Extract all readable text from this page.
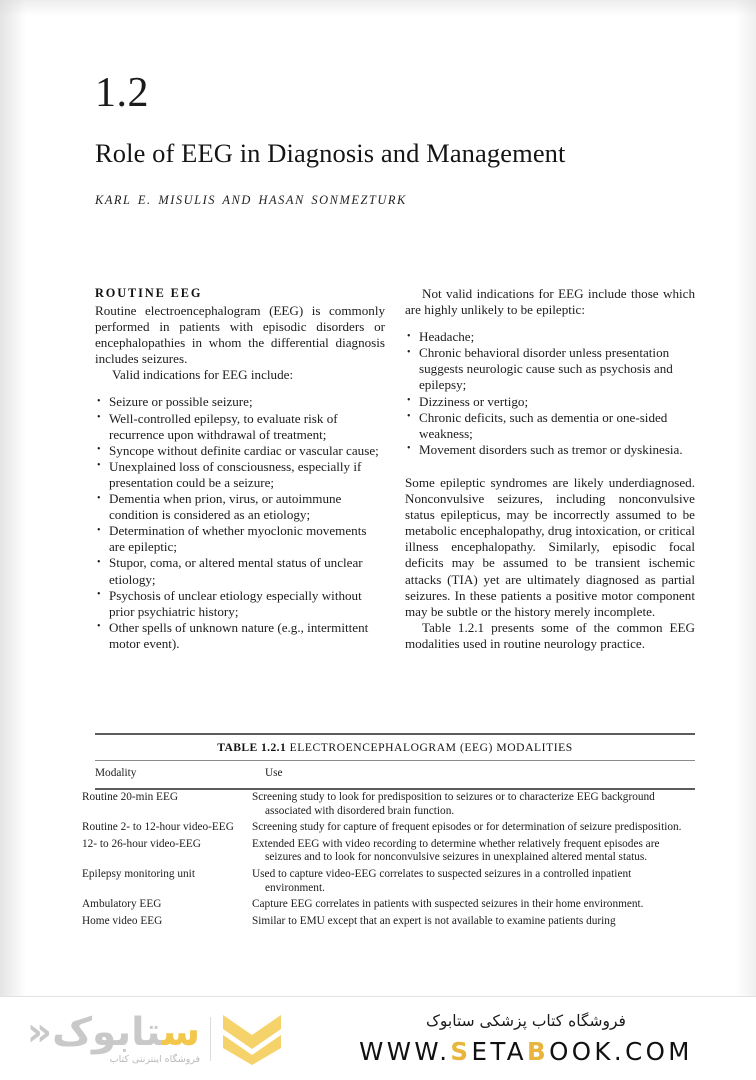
1.2
Role of EEG in Diagnosis and Management
KARL E. MISULIS AND HASAN SONMEZTURK
ROUTINE EEG

Routine electroencephalogram (EEG) is commonly performed in patients with episodic disorders or encephalopathies in whom the differential diagnosis includes seizures.

Valid indications for EEG include:

• Seizure or possible seizure;
• Well-controlled epilepsy, to evaluate risk of recurrence upon withdrawal of treatment;
• Syncope without definite cardiac or vascular cause;
• Unexplained loss of consciousness, especially if presentation could be a seizure;
• Dementia when prion, virus, or autoimmune condition is considered as an etiology;
• Determination of whether myoclonic movements are epileptic;
• Stupor, coma, or altered mental status of unclear etiology;
• Psychosis of unclear etiology especially without prior psychiatric history;
• Other spells of unknown nature (e.g., intermittent motor event).

Not valid indications for EEG include those which are highly unlikely to be epileptic:

• Headache;
• Chronic behavioral disorder unless presentation suggests neurologic cause such as psychosis and epilepsy;
• Dizziness or vertigo;
• Chronic deficits, such as dementia or one-sided weakness;
• Movement disorders such as tremor or dyskinesia.

Some epileptic syndromes are likely underdiagnosed. Nonconvulsive seizures, including nonconvulsive status epilepticus, may be incorrectly assumed to be metabolic encephalopathy, drug intoxication, or critical illness encephalopathy. Similarly, episodic focal deficits may be assumed to be transient ischemic attacks (TIA) yet are ultimately diagnosed as partial seizures. In these patients a positive motor component may be subtle or the history merely incomplete.

Table 1.2.1 presents some of the common EEG modalities used in routine neurology practice.

TABLE 1.2.1 ELECTROENCEPHALOGRAM (EEG) MODALITIES
Modality	Use
Routine 20-min EEG	Screening study to look for predisposition to seizures or to characterize EEG background associated with disordered brain function.
Routine 2- to 12-hour video-EEG	Screening study for capture of frequent episodes or for determination of seizure predisposition.
12- to 26-hour video-EEG	Extended EEG with video recording to determine whether relatively frequent episodes are seizures and to look for nonconvulsive seizures in unexplained altered mental status.
Epilepsy monitoring unit	Used to capture video-EEG correlates to suspected seizures in a controlled inpatient environment.
Ambulatory EEG	Capture EEG correlates in patients with suspected seizures in their home environment.
Home video EEG	Similar to EMU except that an expert is not available to examine patients during
ستابوک«
فروشگاه اینترنتی کتاب
فروشگاه کتاب پزشکی ستابوک
WWW.SETABOOK.COM
